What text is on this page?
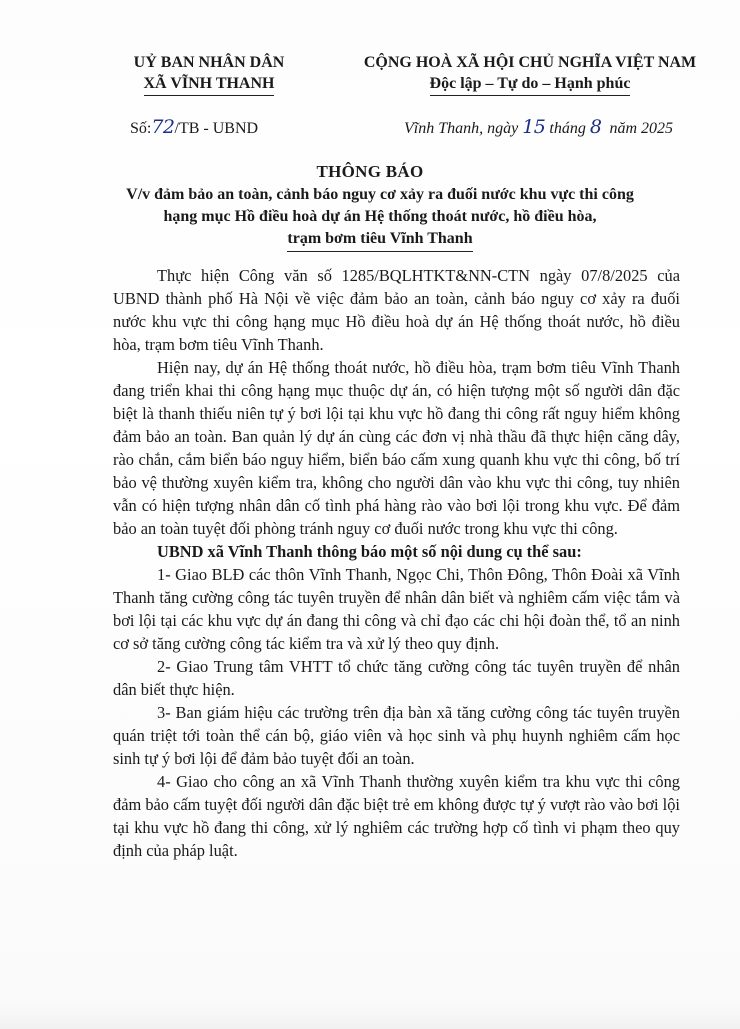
UỶ BAN NHÂN DÂN
XÃ VĨNH THANH
CỘNG HOÀ XÃ HỘI CHỦ NGHĨA VIỆT NAM
Độc lập – Tự do – Hạnh phúc
Số:72/TB - UBND	Vĩnh Thanh, ngày 15 tháng 8 năm 2025
THÔNG BÁO
V/v đảm bảo an toàn, cảnh báo nguy cơ xảy ra đuối nước khu vực thi công
hạng mục Hồ điều hoà dự án Hệ thống thoát nước, hồ điều hòa,
trạm bơm tiêu Vĩnh Thanh

Thực hiện Công văn số 1285/BQLHTKT&NN-CTN ngày 07/8/2025 của UBND thành phố Hà Nội về việc đảm bảo an toàn, cảnh báo nguy cơ xảy ra đuối nước khu vực thi công hạng mục Hồ điều hoà dự án Hệ thống thoát nước, hồ điều hòa, trạm bơm tiêu Vĩnh Thanh.

Hiện nay, dự án Hệ thống thoát nước, hồ điều hòa, trạm bơm tiêu Vĩnh Thanh đang triển khai thi công hạng mục thuộc dự án, có hiện tượng một số người dân đặc biệt là thanh thiếu niên tự ý bơi lội tại khu vực hồ đang thi công rất nguy hiểm không đảm bảo an toàn. Ban quản lý dự án cùng các đơn vị nhà thầu đã thực hiện căng dây, rào chắn, cắm biển báo nguy hiểm, biển báo cấm xung quanh khu vực thi công, bố trí bảo vệ thường xuyên kiểm tra, không cho người dân vào khu vực thi công, tuy nhiên vẫn có hiện tượng nhân dân cố tình phá hàng rào vào bơi lội trong khu vực. Để đảm bảo an toàn tuyệt đối phòng tránh nguy cơ đuối nước trong khu vực thi công.

UBND xã Vĩnh Thanh thông báo một số nội dung cụ thể sau:

1- Giao BLĐ các thôn Vĩnh Thanh, Ngọc Chi, Thôn Đông, Thôn Đoài xã Vĩnh Thanh tăng cường công tác tuyên truyền để nhân dân biết và nghiêm cấm việc tắm và bơi lội tại các khu vực dự án đang thi công và chỉ đạo các chi hội đoàn thể, tổ an ninh cơ sở tăng cường công tác kiểm tra và xử lý theo quy định.

2- Giao Trung tâm VHTT tổ chức tăng cường công tác tuyên truyền để nhân dân biết thực hiện.

3- Ban giám hiệu các trường trên địa bàn xã tăng cường công tác tuyên truyền quán triệt tới toàn thể cán bộ, giáo viên và học sinh và phụ huynh nghiêm cấm học sinh tự ý bơi lội để đảm bảo tuyệt đối an toàn.

4- Giao cho công an xã Vĩnh Thanh thường xuyên kiểm tra khu vực thi công đảm bảo cấm tuyệt đối người dân đặc biệt trẻ em không được tự ý vượt rào vào bơi lội tại khu vực hồ đang thi công, xử lý nghiêm các trường hợp cố tình vi phạm theo quy định của pháp luật.
